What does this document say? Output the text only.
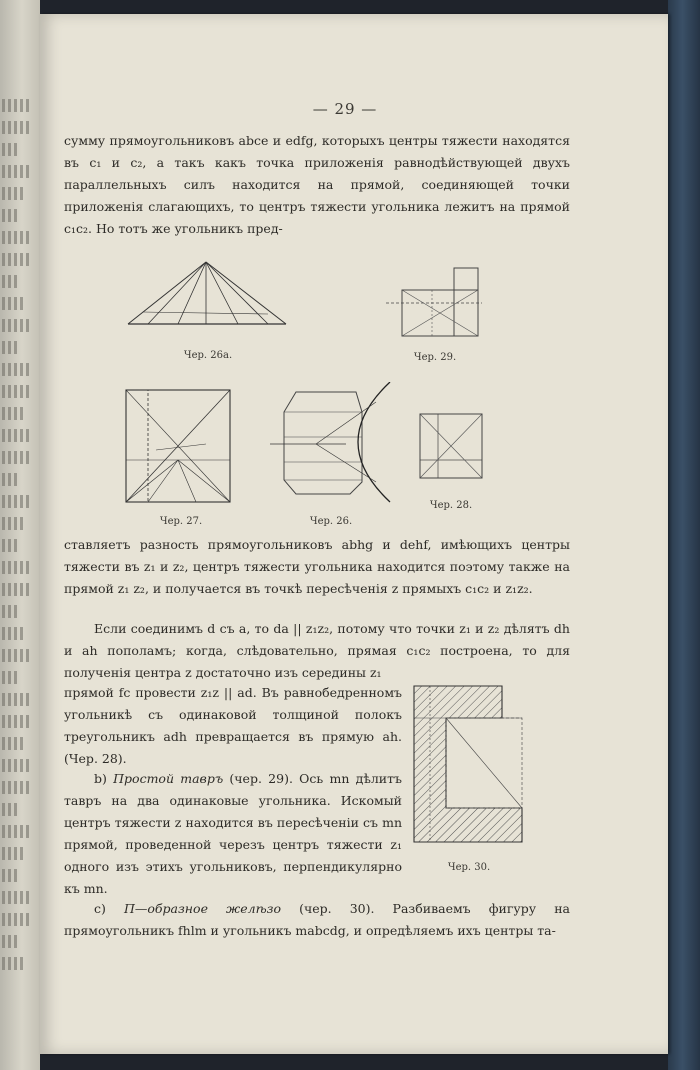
— 29 —

сумму прямоугольниковъ abce и edfg, которыхъ центры тяжести находятся въ c₁ и c₂, а такъ какъ точка приложенія равнодѣйствующей двухъ параллельныхъ силъ находится на прямой, соединяющей точки приложенія слагающихъ, то центръ тяжести угольника лежитъ на прямой c₁c₂. Но тотъ же угольникъ пред-

Чер. 26а.	Чер. 29.
Чер. 27.	Чер. 26.
Чер. 28.

ставляетъ разность прямоугольниковъ abhg и dehf, имѣющихъ центры тяжести въ z₁ и z₂, центръ тяжести угольника находится поэтому также на прямой z₁ z₂, и получается въ точкѣ пересѣченія z прямыхъ c₁c₂ и z₁z₂.

Если соединимъ d съ a, то da || z₁z₂, потому что точки z₁ и z₂ дѣлятъ dh и ah пополамъ; когда, слѣдовательно, прямая c₁c₂ построена, то для полученія центра z достаточно изъ середины z₁

прямой fc провести z₁z || ad. Въ равнобедренномъ угольникѣ съ одинаковой толщиной полокъ треугольникъ adh превращается въ прямую ah. (Чер. 28).

b) Простой тавръ (чер. 29). Ось mn дѣлитъ тавръ на два одинаковые угольника. Искомый центръ тяжести z находится въ пересѣченіи съ mn прямой, проведенной черезъ центръ тяжести z₁ одного изъ этихъ угольниковъ, перпендикулярно къ mn.

Чер. 30.

c) П—образное желѣзо (чер. 30). Разбиваемъ фигуру на прямоугольникъ fhlm и угольникъ mabcdg, и опредѣляемъ ихъ центры та-
